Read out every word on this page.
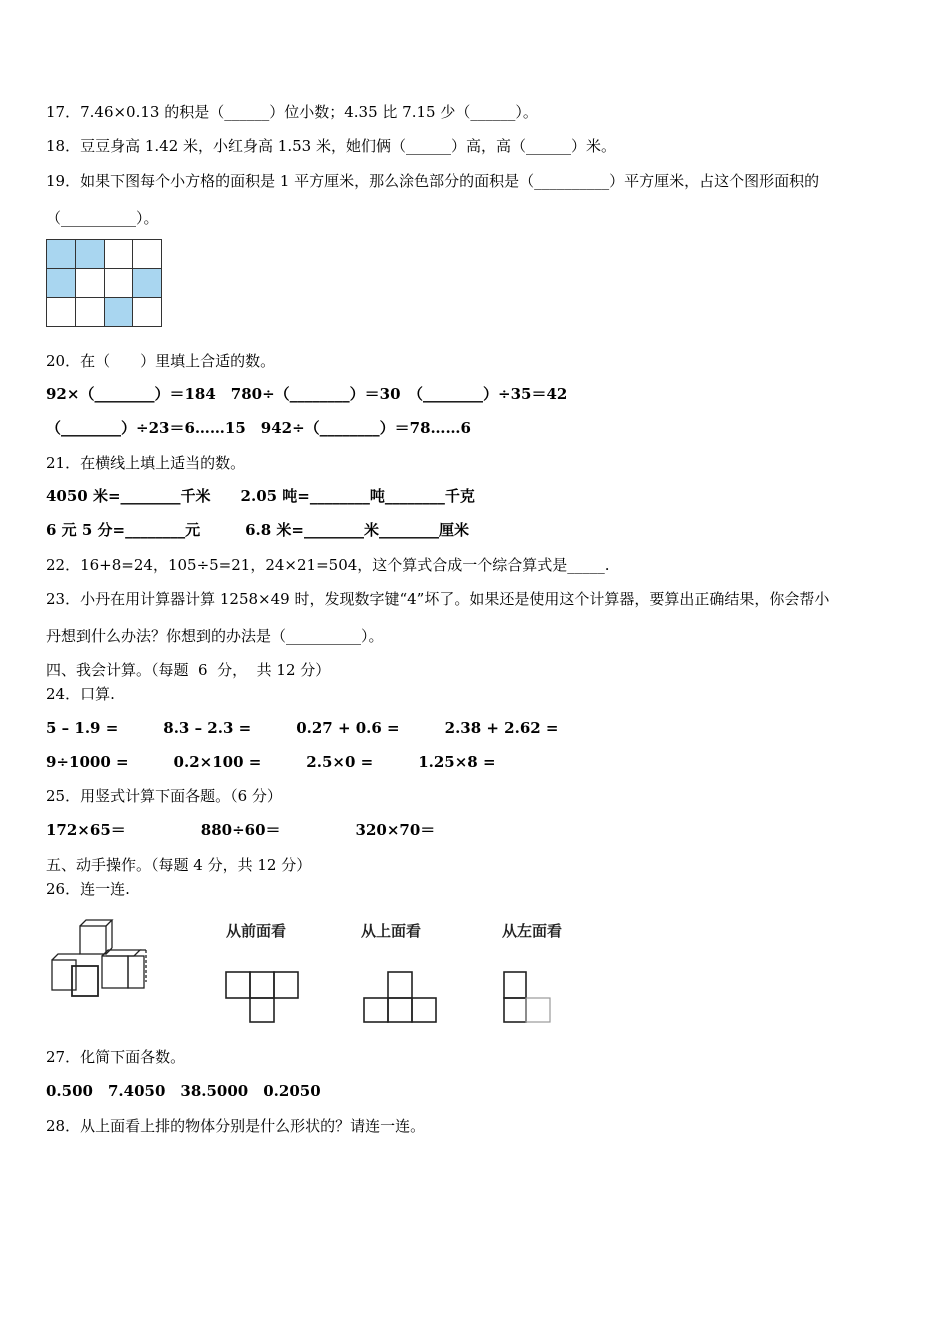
17．7.46×0.13 的积是（______）位小数；4.35 比 7.15 少（______）。
18．豆豆身高 1.42 米，小红身高 1.53 米，她们俩（______）高，高（______）米。
19．如果下图每个小方格的面积是 1 平方厘米，那么涂色部分的面积是（__________）平方厘米，占这个图形面积的
（__________）。

20．在（　　）里填上合适的数。
92×（________）＝184　780÷（________）＝30　（________）÷35＝42
（________）÷23＝6……15　942÷（________）＝78……6
21．在横线上填上适当的数。
4050 米=________千米　　2.05 吨=________吨________千克
6 元 5 分=________元　　　6.8 米=________米________厘米
22．16+8=24，105÷5=21，24×21=504，这个算式合成一个综合算式是_____.
23．小丹在用计算器计算 1258×49 时，发现数字键“4”坏了。如果还是使用这个计算器，要算出正确结果，你会帮小
丹想到什么办法？你想到的办法是（__________）。
四、我会计算。（每题  6  分，  共 12 分）
24．口算.
5 – 1.9 =　　　8.3 – 2.3 =　　　0.27 + 0.6 =　　　2.38 + 2.62 =
9÷1000 =　　　0.2×100 =　　　2.5×0 =　　　1.25×8 =
25．用竖式计算下面各题。（6 分）
172×65＝　　　　　880÷60＝　　　　　320×70＝
五、动手操作。（每题 4 分，共 12 分）
26．连一连.
从前面看	从上面看	从左面看
27．化简下面各数。
0.500　7.4050　38.5000　0.2050
28．从上面看上排的物体分别是什么形状的？请连一连。
